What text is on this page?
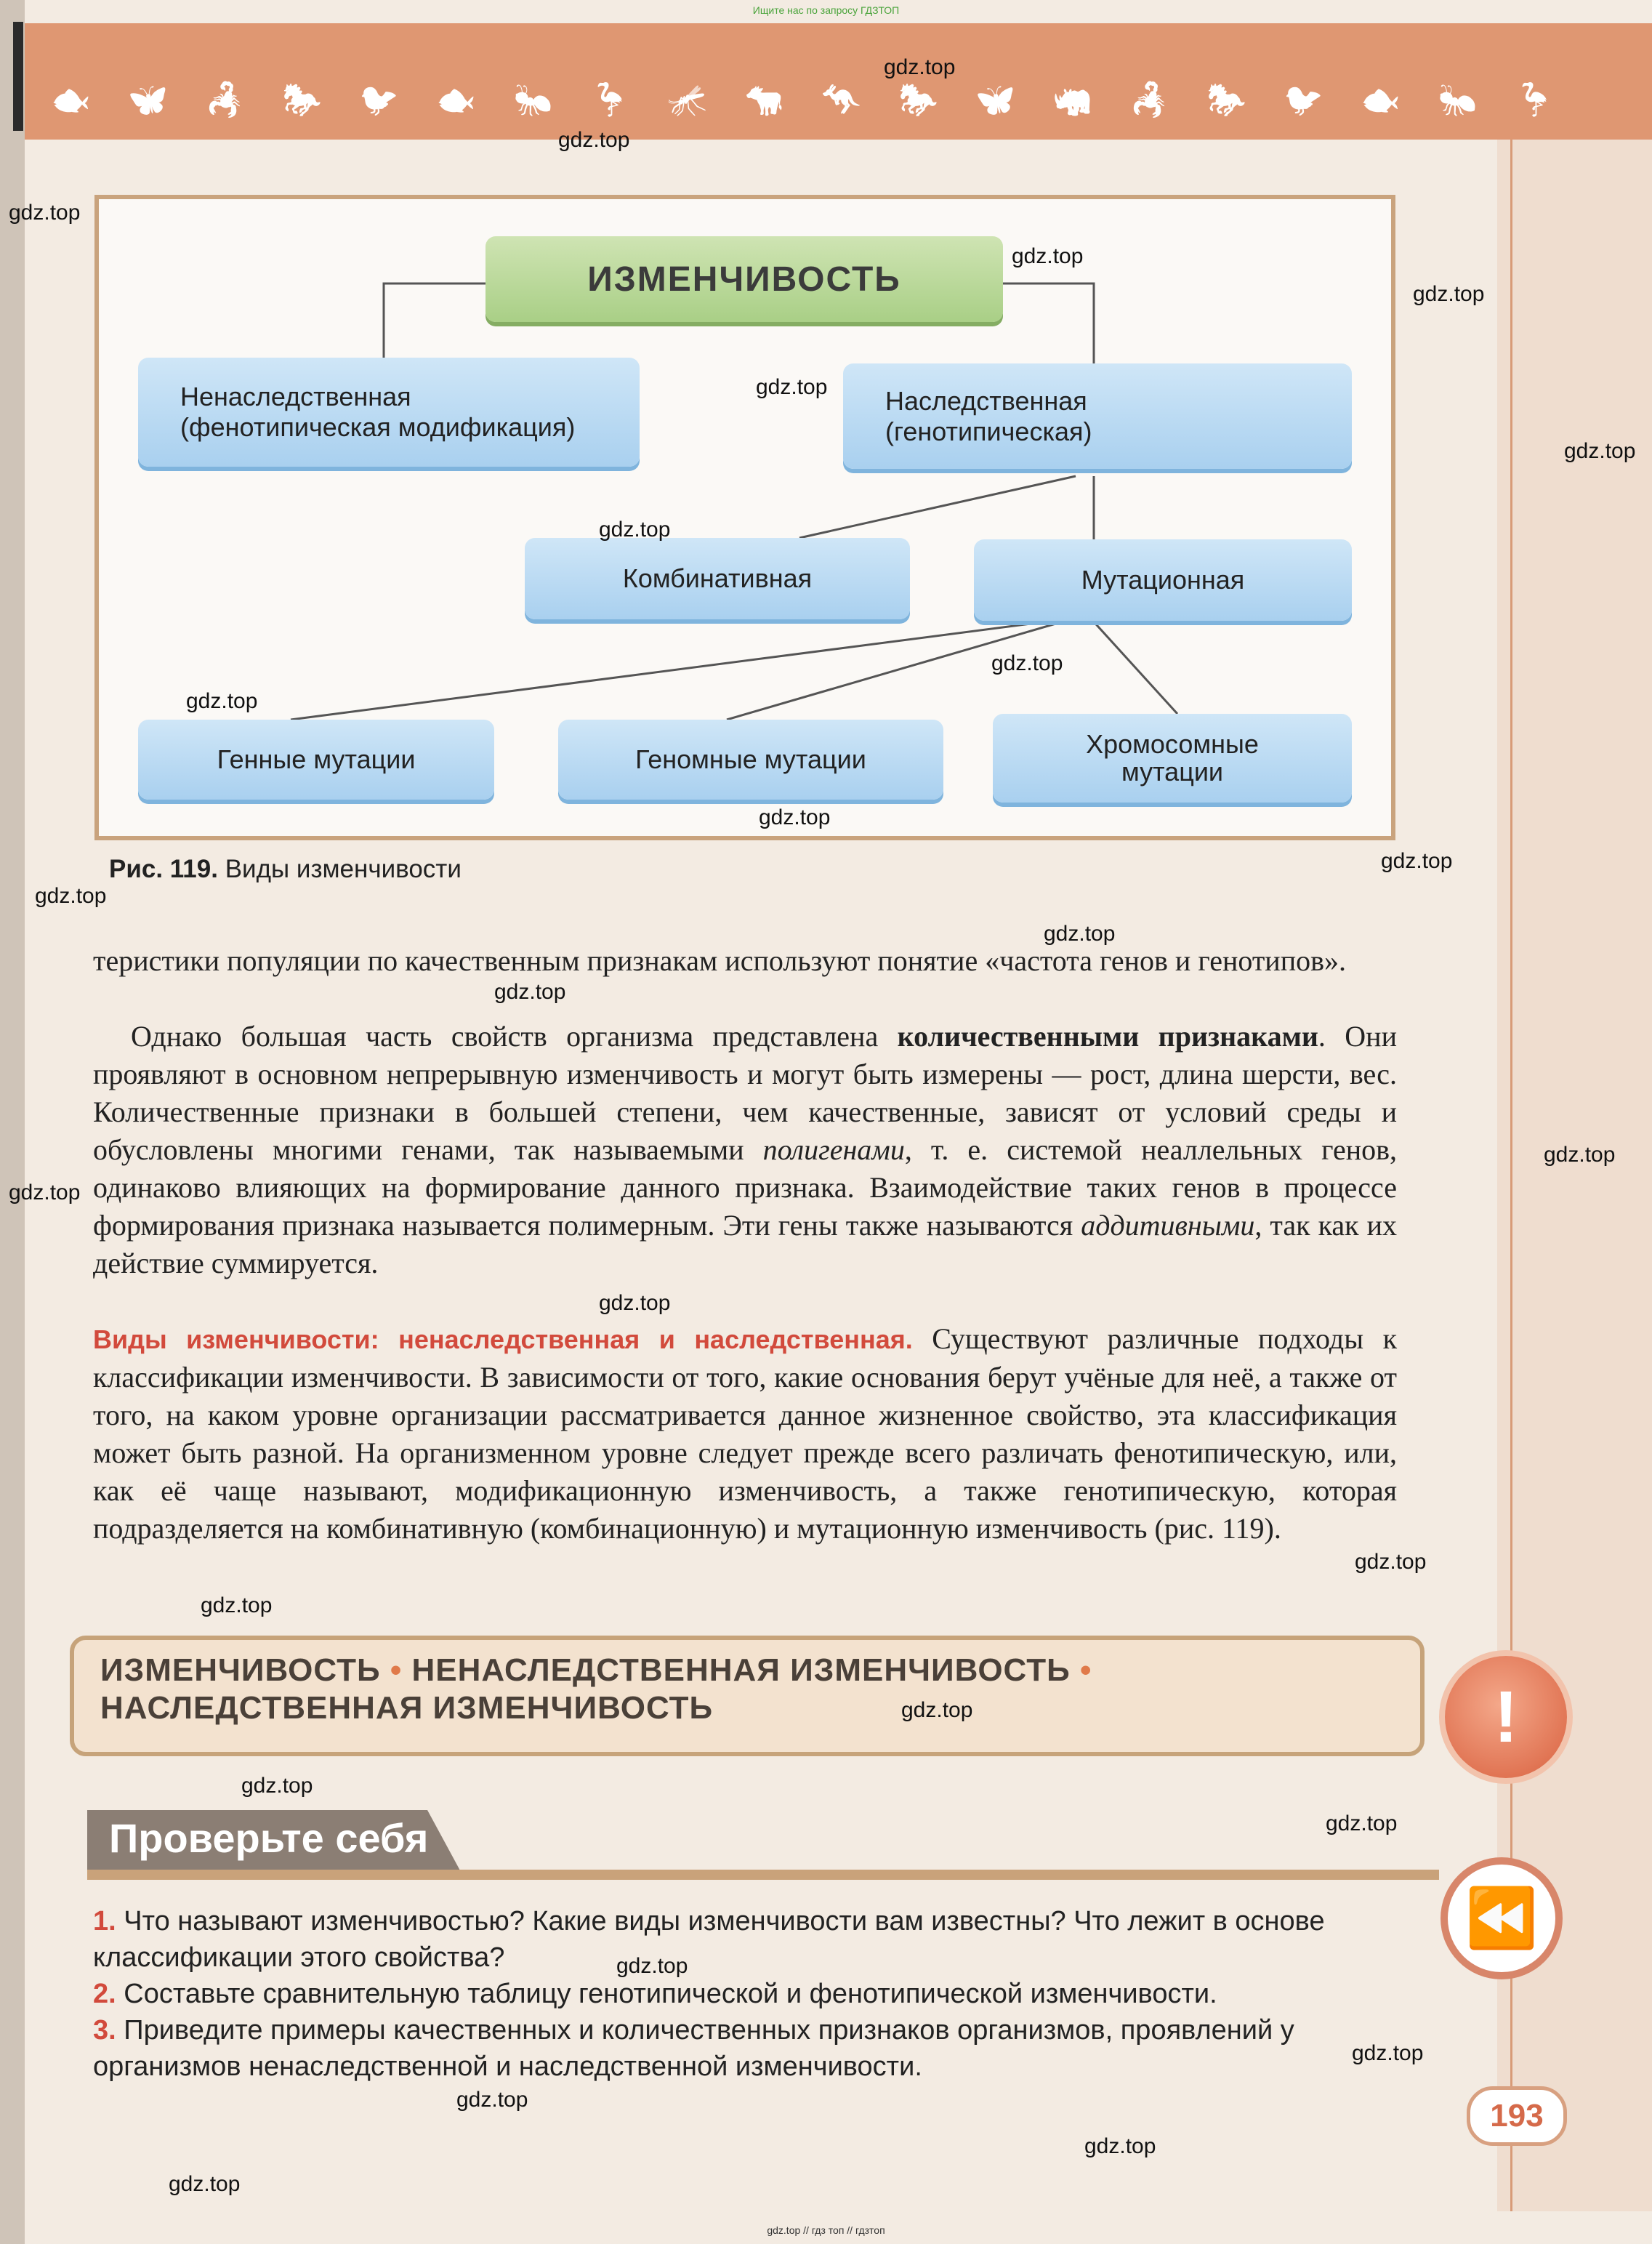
Ищите нас по запросу ГДЗТОП
🐟 🦋 🦂 🐎 🐦 🐟 🐜 🦩 🦟 🐄 🦘 🐎 🦋 🦏 🦂 🐎 🐦 🐟 🐜 🦩
ИЗМЕНЧИВОСТЬ
Ненаследственная
(фенотипическая модификация)
Наследственная
(генотипическая)
Комбинативная	Мутационная
Генные мутации	Геномные мутации
Хромосомные
мутации
Рис. 119. Виды изменчивости
теристики популяции по качественным признакам используют понятие «частота генов и генотипов».
Однако большая часть свойств организма представлена количественными признаками. Они проявляют в основном непрерывную изменчивость и могут быть измерены — рост, длина шерсти, вес. Количественные признаки в большей степени, чем качественные, зависят от условий среды и обусловлены многими генами, так называемыми полигенами, т. е. системой неаллельных генов, одинаково влияющих на формирование данного признака. Взаимодействие таких генов в процессе формирования признака называется полимерным. Эти гены также называются аддитивными, так как их действие суммируется.
Виды изменчивости: ненаследственная и наследственная. Существуют различные подходы к классификации изменчивости. В зависимости от того, какие основания берут учёные для неё, а также от того, на каком уровне организации рассматривается данное жизненное свойство, эта классификация может быть разной. На организменном уровне следует прежде всего различать фенотипическую, или, как её чаще называют, модификационную изменчивость, а также генотипическую, которая подразделяется на комбинативную (комбинационную) и мутационную изменчивость (рис. 119).
ИЗМЕНЧИВОСТЬ • НЕНАСЛЕДСТВЕННАЯ ИЗМЕНЧИВОСТЬ • НАСЛЕДСТВЕННАЯ ИЗМЕНЧИВОСТЬ	!
Проверьте себя
⏪
1. Что называют изменчивостью? Какие виды изменчивости вам известны? Что лежит в основе классификации этого свойства?
2. Составьте сравнительную таблицу генотипической и фенотипической изменчивости.
3. Приведите примеры качественных и количественных признаков организмов, проявлений у организмов ненаследственной и наследственной изменчивости.
193
gdz.top
gdz.top
gdz.top
gdz.top
gdz.top
gdz.top
gdz.top
gdz.top
gdz.top
gdz.top
gdz.top
gdz.top
gdz.top
gdz.top
gdz.top
gdz.top
gdz.top
gdz.top
gdz.top
gdz.top
gdz.top
gdz.top
gdz.top
gdz.top
gdz.top
gdz.top
gdz.top
gdz.top
gdz.top // гдз топ // гдзтоп
